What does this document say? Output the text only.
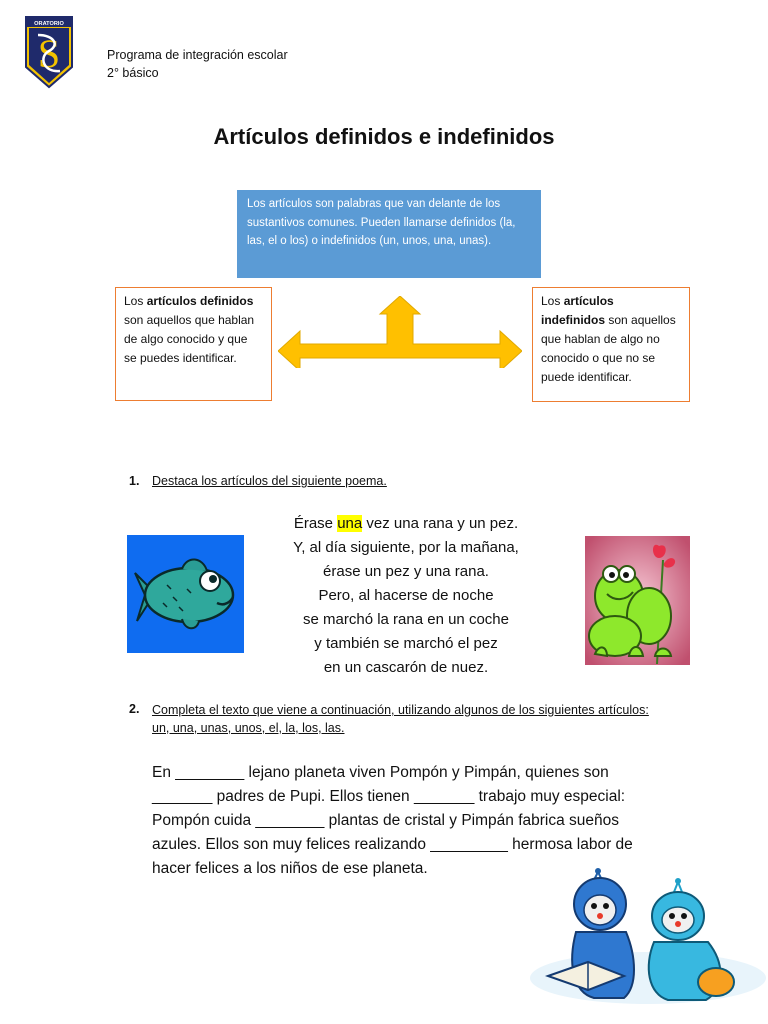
ORATORIO
S	Programa de integración escolar
2° básico
Artículos definidos e indefinidos
Los artículos son palabras que van delante de los sustantivos comunes. Pueden llamarse definidos (la, las, el o los) o indefinidos (un, unos, una, unas).
Los artículos definidos son aquellos que hablan de algo conocido y que se puedes identificar.
Los artículos indefinidos son aquellos que hablan de algo no conocido o que no se puede identificar.
1. Destaca los artículos del siguiente poema.
Érase una vez una rana y un pez.
Y, al día siguiente, por la mañana,
érase un pez y una rana.
Pero, al hacerse de noche
se marchó la rana en un coche
y también se marchó el pez
en un cascarón de nuez.
2. Completa el texto que viene a continuación, utilizando algunos de los siguientes artículos: un, una, unas, unos, el, la, los, las.
En ________ lejano planeta viven Pompón y Pimpán, quienes son _______ padres de Pupi. Ellos tienen _______ trabajo muy especial: Pompón cuida ________ plantas de cristal y Pimpán fabrica sueños azules. Ellos son muy felices realizando _________ hermosa labor de hacer felices a los niños de ese planeta.
